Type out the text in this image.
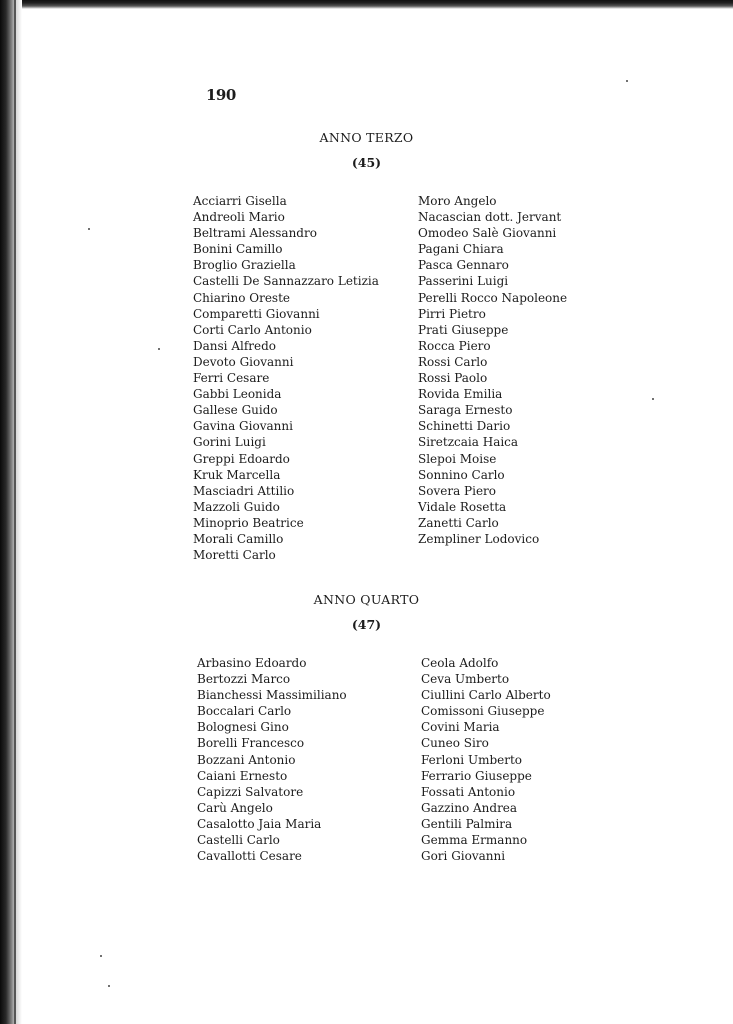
190
ANNO TERZO
(45)
Acciarri Gisella
Andreoli Mario
Beltrami Alessandro
Bonini Camillo
Broglio Graziella
Castelli De Sannazzaro Letizia
Chiarino Oreste
Comparetti Giovanni
Corti Carlo Antonio
Dansi Alfredo
Devoto Giovanni
Ferri Cesare
Gabbi Leonida
Gallese Guido
Gavina Giovanni
Gorini Luigi
Greppi Edoardo
Kruk Marcella
Masciadri Attilio
Mazzoli Guido
Minoprio Beatrice
Morali Camillo
Moretti Carlo
Moro Angelo
Nacascian dott. Jervant
Omodeo Salè Giovanni
Pagani Chiara
Pasca Gennaro
Passerini Luigi
Perelli Rocco Napoleone
Pirri Pietro
Prati Giuseppe
Rocca Piero
Rossi Carlo
Rossi Paolo
Rovida Emilia
Saraga Ernesto
Schinetti Dario
Siretzcaia Haica
Slepoi Moise
Sonnino Carlo
Sovera Piero
Vidale Rosetta
Zanetti Carlo
Zempliner Lodovico
ANNO QUARTO
(47)
Arbasino Edoardo
Bertozzi Marco
Bianchessi Massimiliano
Boccalari Carlo
Bolognesi Gino
Borelli Francesco
Bozzani Antonio
Caiani Ernesto
Capizzi Salvatore
Carù Angelo
Casalotto Jaia Maria
Castelli Carlo
Cavallotti Cesare
Ceola Adolfo
Ceva Umberto
Ciullini Carlo Alberto
Comissoni Giuseppe
Covini Maria
Cuneo Siro
Ferloni Umberto
Ferrario Giuseppe
Fossati Antonio
Gazzino Andrea
Gentili Palmira
Gemma Ermanno
Gori Giovanni
